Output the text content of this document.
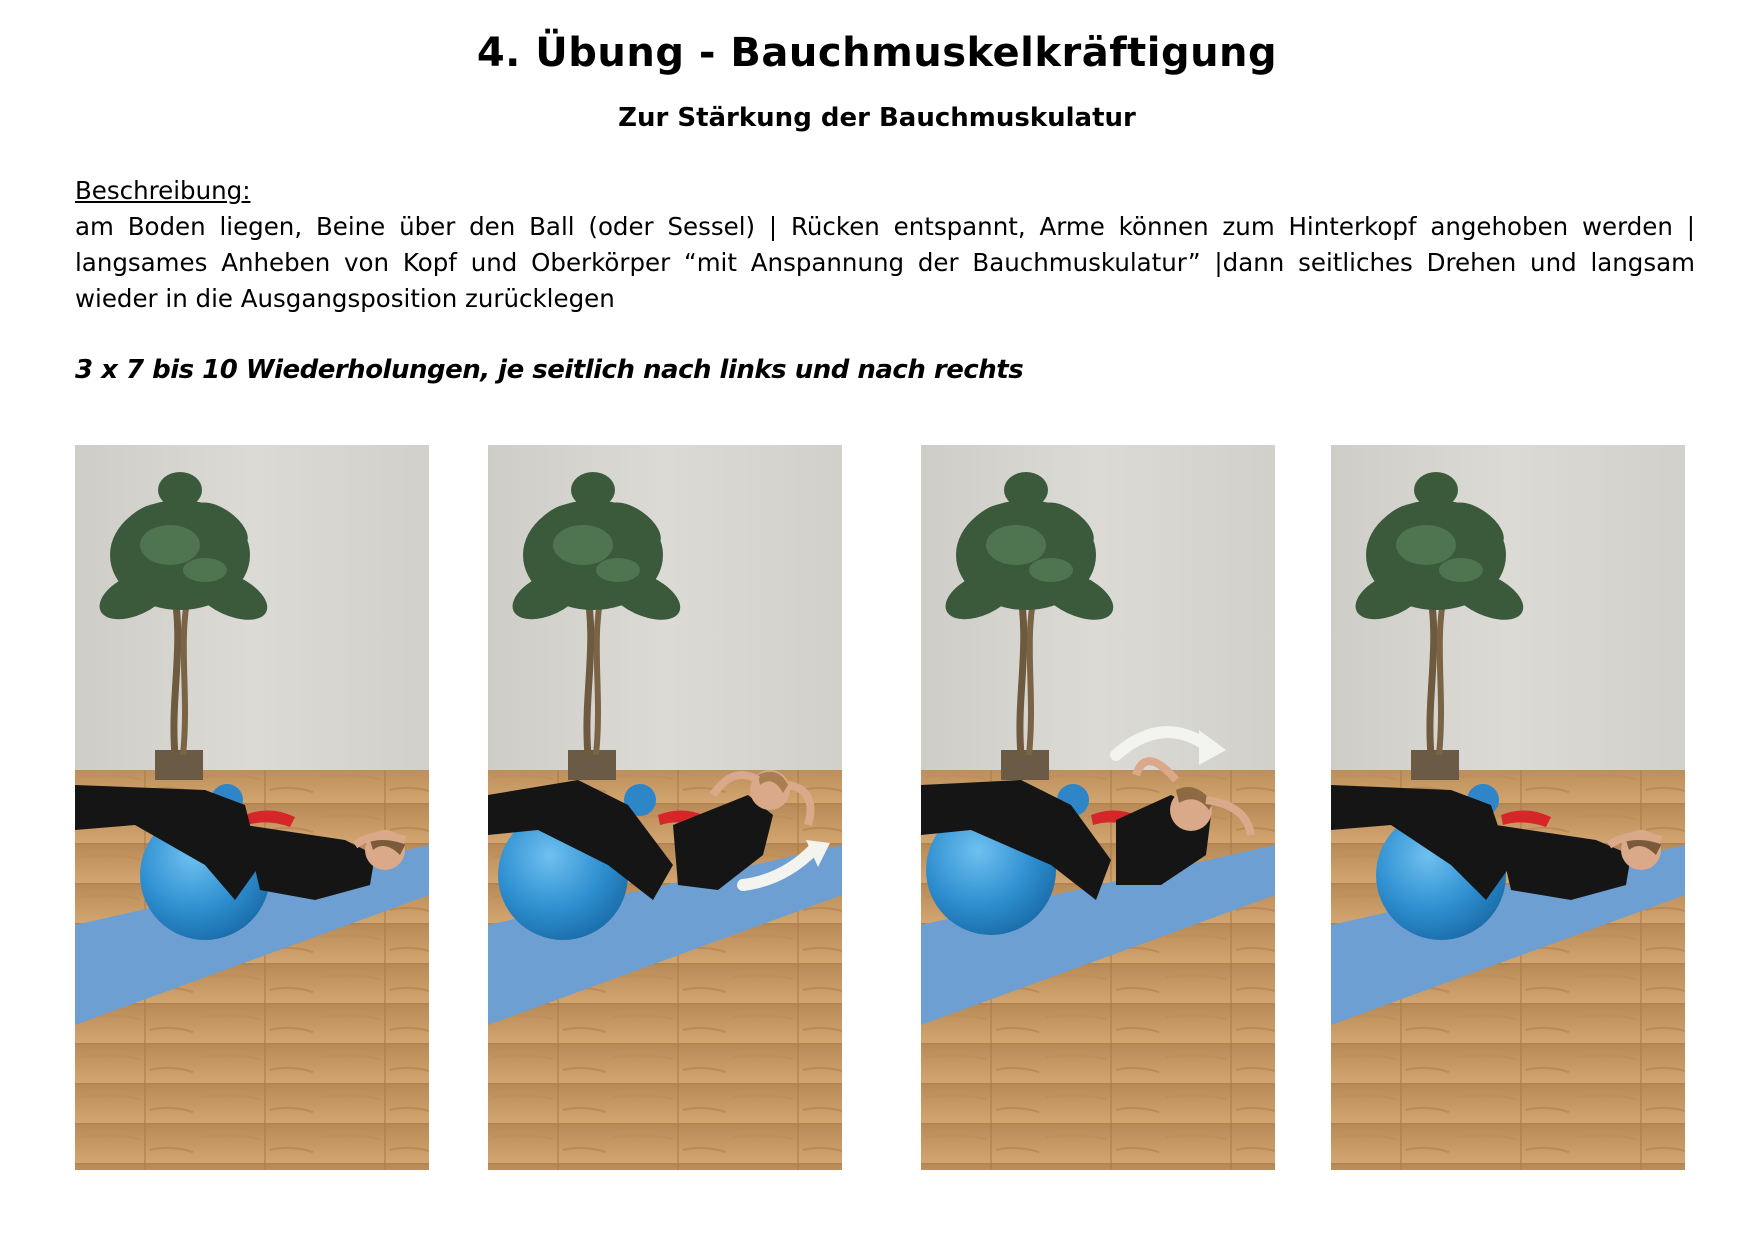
4. Übung - Bauchmuskelkräftigung
Zur Stärkung der Bauchmuskulatur
Beschreibung:
am Boden liegen, Beine über den Ball (oder Sessel) | Rücken entspannt, Arme können zum Hinterkopf angehoben werden | langsames Anheben von Kopf und Oberkörper “mit Anspannung der Bauchmuskulatur” |dann seitliches Drehen und langsam wieder in die Ausgangsposition zurücklegen
3 x 7 bis 10 Wiederholungen, je seitlich nach links und nach rechts
